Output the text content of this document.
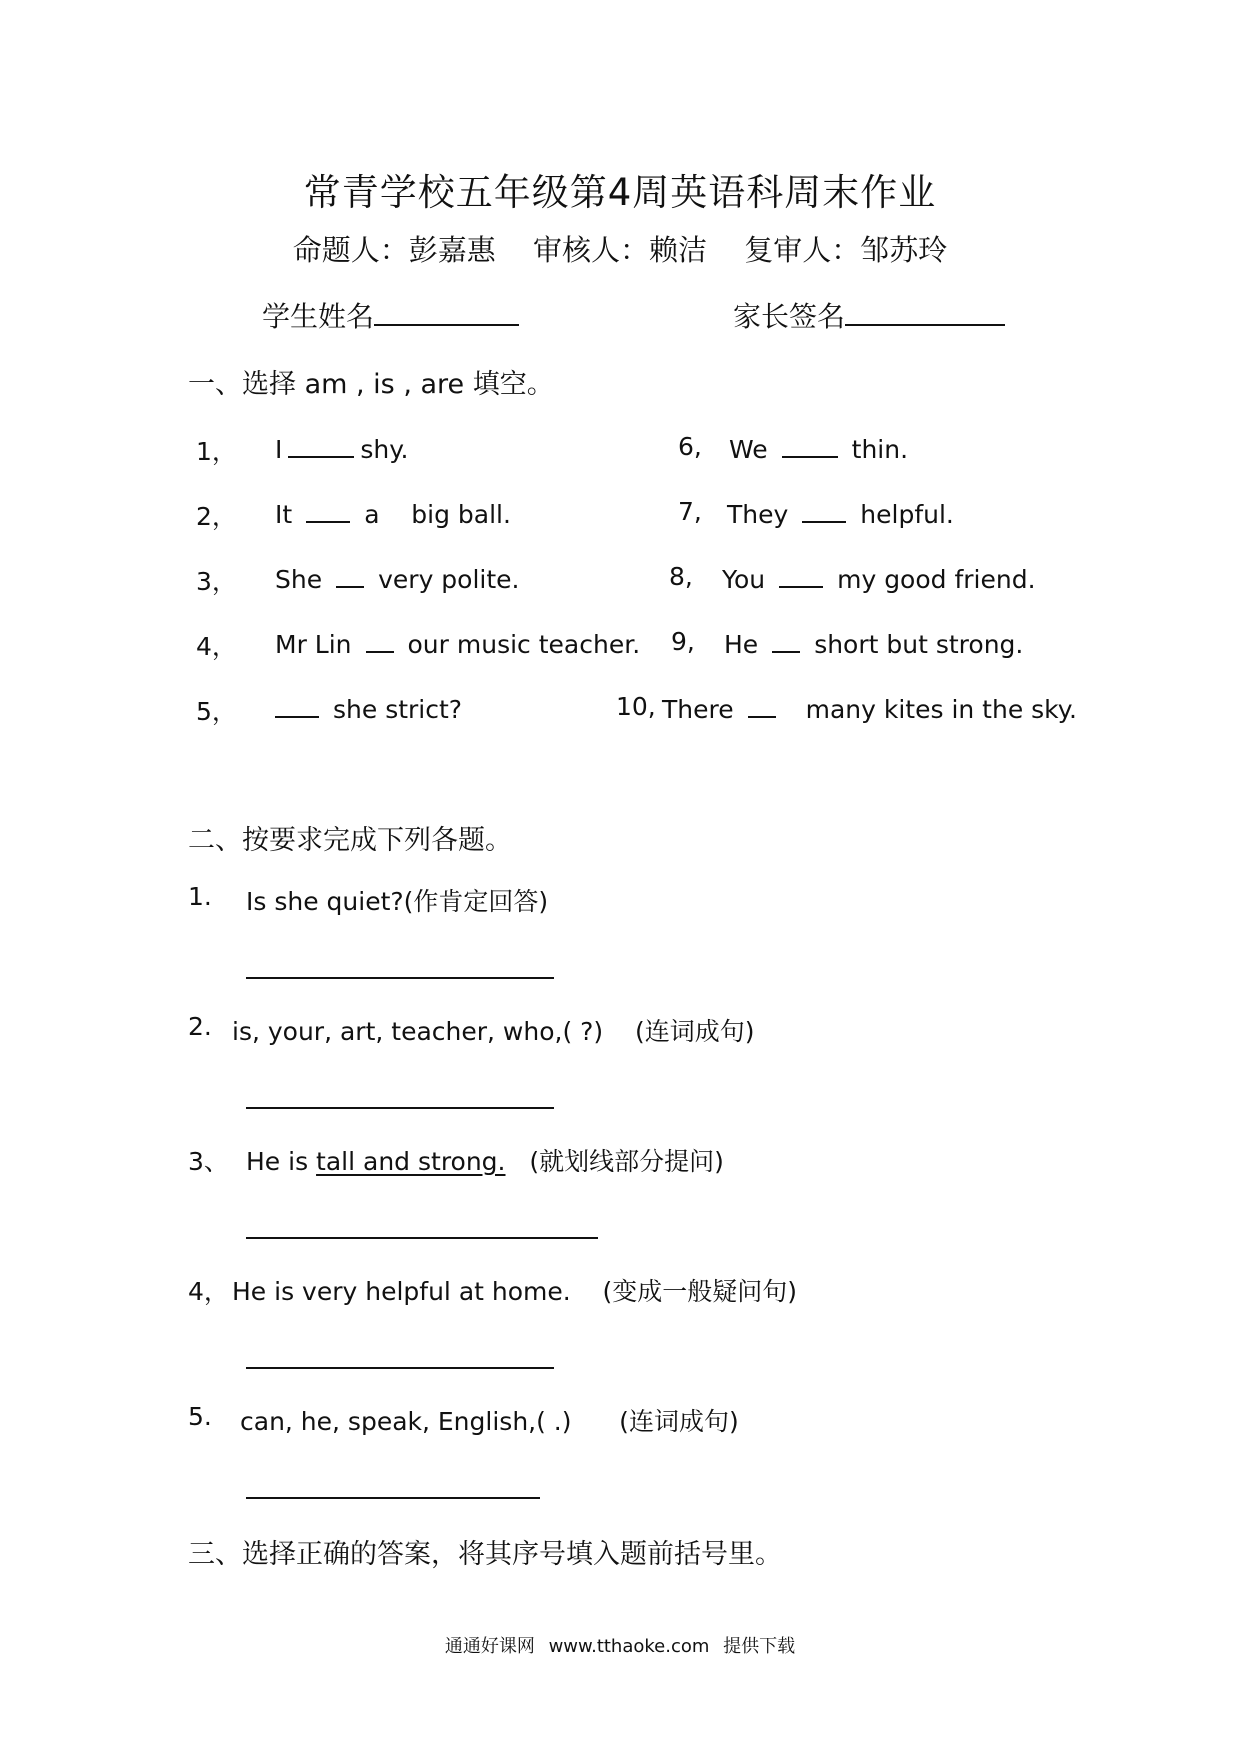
常青学校五年级第4周英语科周末作业
命题人：彭嘉惠 审核人：赖洁 复审人：邹苏玲
学生姓名	家长签名
一、选择 am , is , are 填空。
1， I	shy.
2， It	a    big ball.
3， She very polite.
4， Mr Lin our music teacher.
5，	she strict?
6, We	thin.
7, They	helpful.
8, You	my good friend.
9, He short but strong.
10, There	many kites in the sky.
二、按要求完成下列各题。
1. Is she quiet?(作肯定回答)
2. is, your, art, teacher, who,( ?)    (连词成句)
3、 He is tall and strong.   (就划线部分提问)
4， He is very helpful at home.    (变成一般疑问句)
5. can, he, speak, English,( .)      (连词成句)
三、选择正确的答案，将其序号填入题前括号里。
通通好课网 www.tthaoke.com 提供下载
